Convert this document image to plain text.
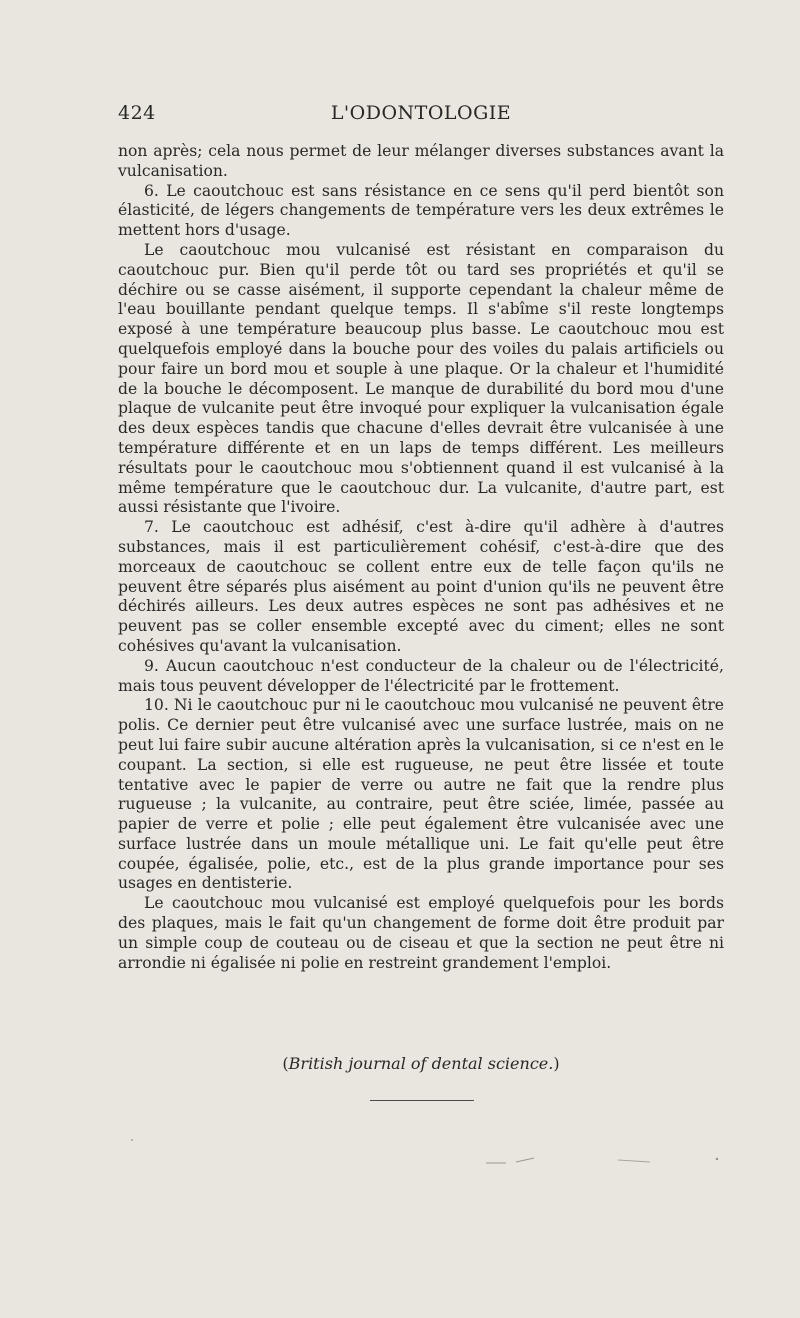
424	L'ODONTOLOGIE

non après; cela nous permet de leur mélanger diverses substances avant la vulcanisation.

6. Le caoutchouc est sans résistance en ce sens qu'il perd bientôt son élasticité, de légers changements de température vers les deux extrêmes le mettent hors d'usage.

Le caoutchouc mou vulcanisé est résistant en comparaison du caoutchouc pur. Bien qu'il perde tôt ou tard ses propriétés et qu'il se déchire ou se casse aisément, il supporte cependant la chaleur même de l'eau bouillante pendant quelque temps. Il s'abîme s'il reste longtemps exposé à une température beaucoup plus basse. Le caoutchouc mou est quelquefois employé dans la bouche pour des voiles du palais artificiels ou pour faire un bord mou et souple à une plaque. Or la chaleur et l'humidité de la bouche le décomposent. Le manque de durabilité du bord mou d'une plaque de vulcanite peut être invoqué pour expliquer la vulcanisation égale des deux espèces tandis que chacune d'elles devrait être vulcanisée à une température différente et en un laps de temps différent. Les meilleurs résultats pour le caoutchouc mou s'obtiennent quand il est vulcanisé à la même température que le caoutchouc dur. La vulcanite, d'autre part, est aussi résistante que l'ivoire.

7. Le caoutchouc est adhésif, c'est à-dire qu'il adhère à d'autres substances, mais il est particulièrement cohésif, c'est-à-dire que des morceaux de caoutchouc se collent entre eux de telle façon qu'ils ne peuvent être séparés plus aisément au point d'union qu'ils ne peuvent être déchirés ailleurs. Les deux autres espèces ne sont pas adhésives et ne peuvent pas se coller ensemble excepté avec du ciment; elles ne sont cohésives qu'avant la vulcanisation.

9. Aucun caoutchouc n'est conducteur de la chaleur ou de l'électricité, mais tous peuvent développer de l'électricité par le frottement.

10. Ni le caoutchouc pur ni le caoutchouc mou vulcanisé ne peuvent être polis. Ce dernier peut être vulcanisé avec une surface lustrée, mais on ne peut lui faire subir aucune altération après la vulcanisation, si ce n'est en le coupant. La section, si elle est rugueuse, ne peut être lissée et toute tentative avec le papier de verre ou autre ne fait que la rendre plus rugueuse ; la vulcanite, au contraire, peut être sciée, limée, passée au papier de verre et polie ; elle peut également être vulcanisée avec une surface lustrée dans un moule métallique uni. Le fait qu'elle peut être coupée, égalisée, polie, etc., est de la plus grande importance pour ses usages en dentisterie.

Le caoutchouc mou vulcanisé est employé quelquefois pour les bords des plaques, mais le fait qu'un changement de forme doit être produit par un simple coup de couteau ou de ciseau et que la section ne peut être ni arrondie ni égalisée ni polie en restreint grandement l'emploi.

(British journal of dental science.)
